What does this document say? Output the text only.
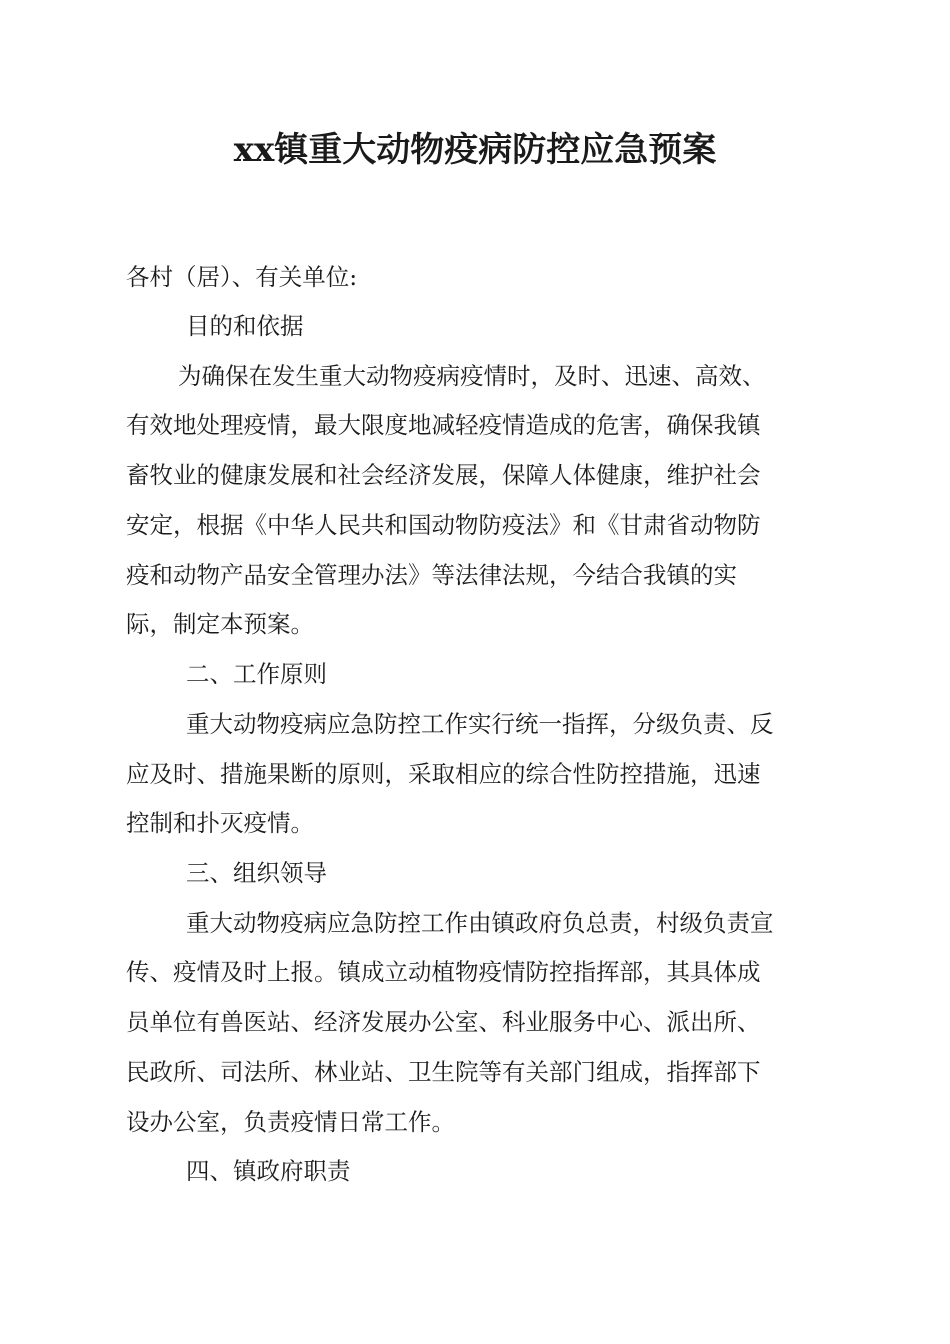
xx镇重大动物疫病防控应急预案
各村（居）、有关单位:
目的和依据
为确保在发生重大动物疫病疫情时，及时、迅速、高效、
有效地处理疫情，最大限度地减轻疫情造成的危害，确保我镇
畜牧业的健康发展和社会经济发展，保障人体健康，维护社会
安定，根据《中华人民共和国动物防疫法》和《甘肃省动物防
疫和动物产品安全管理办法》等法律法规，今结合我镇的实
际，制定本预案。
二、工作原则
重大动物疫病应急防控工作实行统一指挥，分级负责、反
应及时、措施果断的原则，采取相应的综合性防控措施，迅速
控制和扑灭疫情。
三、组织领导
重大动物疫病应急防控工作由镇政府负总责，村级负责宣
传、疫情及时上报。镇成立动植物疫情防控指挥部，其具体成
员单位有兽医站、经济发展办公室、科业服务中心、派出所、
民政所、司法所、林业站、卫生院等有关部门组成，指挥部下
设办公室，负责疫情日常工作。
四、镇政府职责
